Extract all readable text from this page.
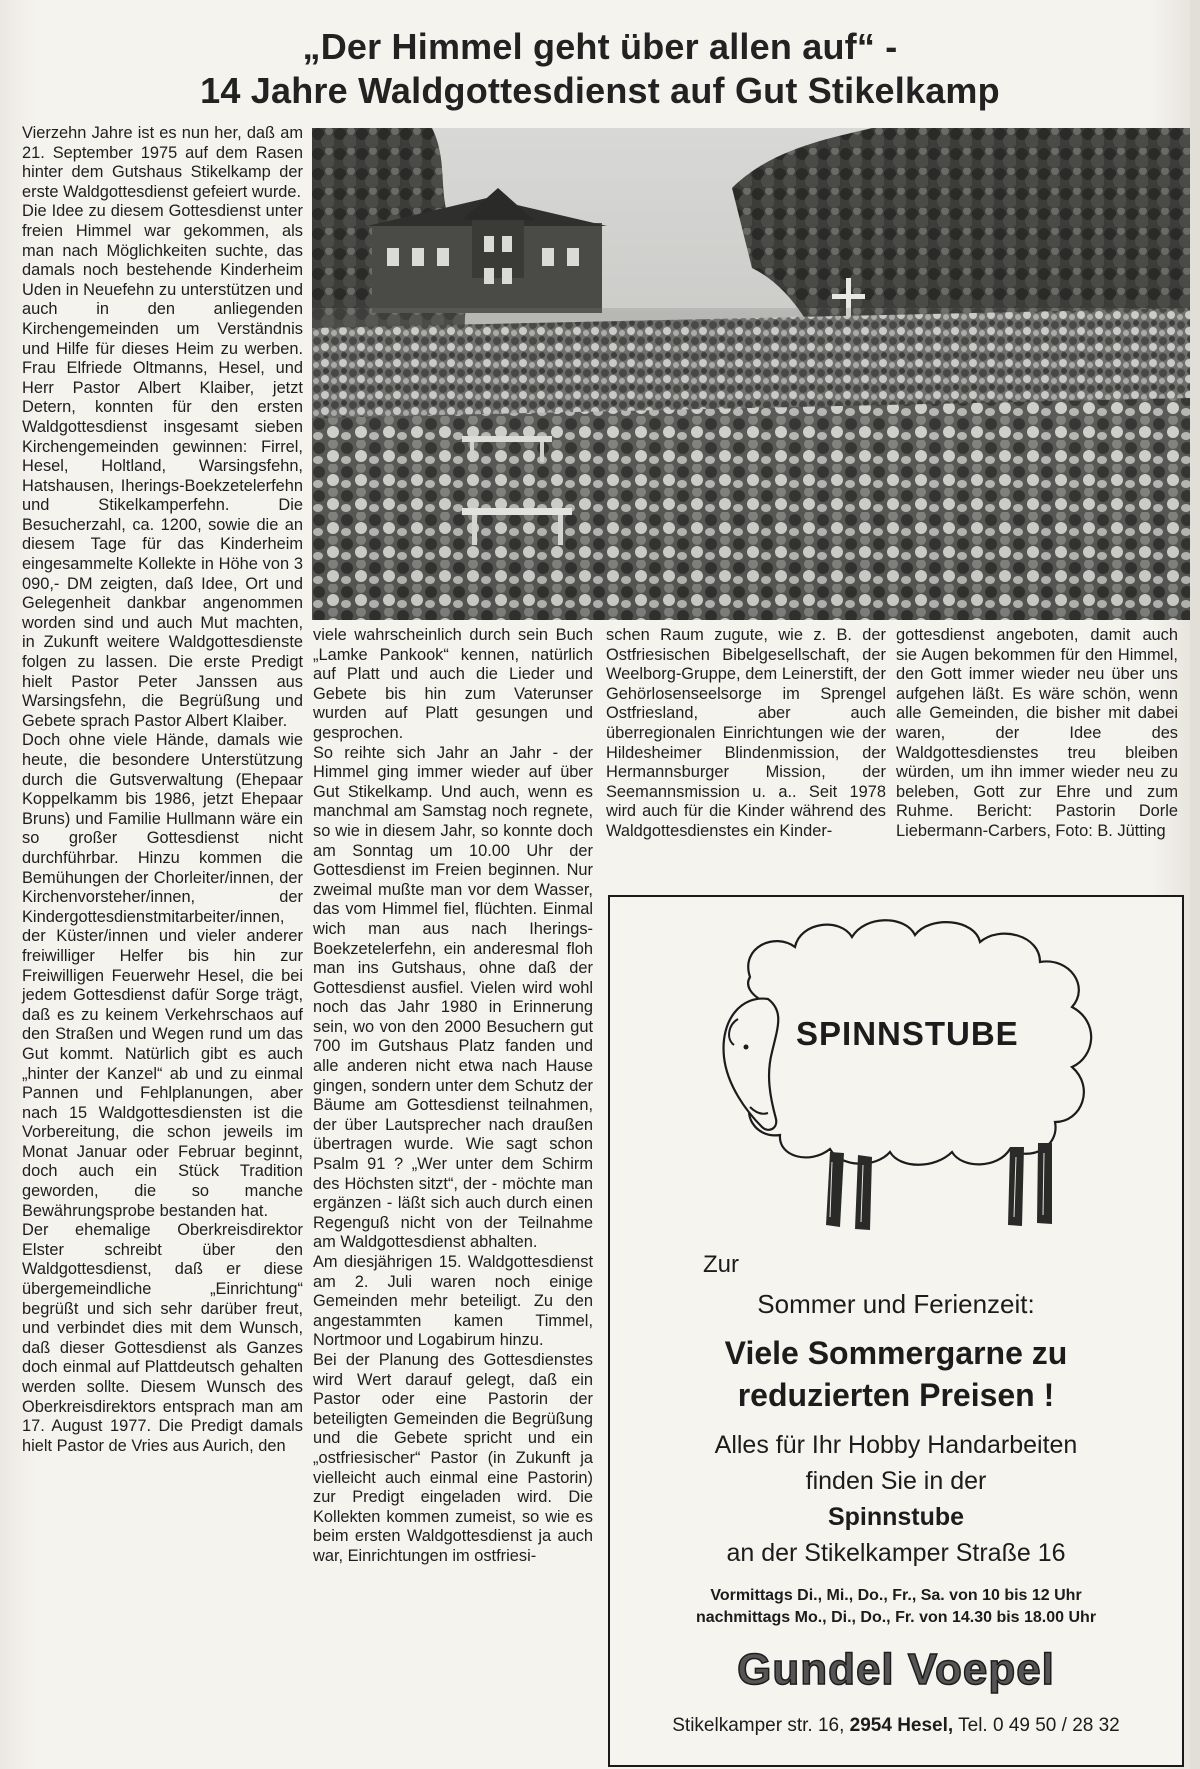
„Der Himmel geht über allen auf“ -
14 Jahre Waldgottesdienst auf Gut Stikelkamp

Vierzehn Jahre ist es nun her, daß am 21. September 1975 auf dem Rasen hinter dem Gutshaus Stikelkamp der erste Waldgottesdienst gefeiert wurde.

Die Idee zu diesem Gottesdienst unter freien Himmel war gekommen, als man nach Möglichkeiten suchte, das damals noch bestehende Kinderheim Uden in Neuefehn zu unterstützen und auch in den anliegenden Kirchengemeinden um Verständnis und Hilfe für dieses Heim zu werben. Frau Elfriede Oltmanns, Hesel, und Herr Pastor Albert Klaiber, jetzt Detern, konnten für den ersten Waldgottesdienst insgesamt sieben Kirchengemeinden gewinnen: Firrel, Hesel, Holtland, Warsingsfehn, Hatshausen, Iherings-Boekzetelerfehn und Stikelkamperfehn. Die Besucherzahl, ca. 1200, sowie die an diesem Tage für das Kinderheim eingesammelte Kollekte in Höhe von 3 090,- DM zeigten, daß Idee, Ort und Gelegenheit dankbar angenommen worden sind und auch Mut machten, in Zukunft weitere Waldgottesdienste folgen zu lassen. Die erste Predigt hielt Pastor Peter Janssen aus Warsingsfehn, die Begrüßung und Gebete sprach Pastor Albert Klaiber.

Doch ohne viele Hände, damals wie heute, die besondere Unterstützung durch die Gutsverwaltung (Ehepaar Koppelkamm bis 1986, jetzt Ehepaar Bruns) und Familie Hullmann wäre ein so großer Gottesdienst nicht durchführbar. Hinzu kommen die Bemühungen der Chorleiter/innen, der Kirchenvorsteher/innen, der Kindergottesdienstmitarbeiter/innen, der Küster/innen und vieler anderer freiwilliger Helfer bis hin zur Freiwilligen Feuerwehr Hesel, die bei jedem Gottesdienst dafür Sorge trägt, daß es zu keinem Verkehrschaos auf den Straßen und Wegen rund um das Gut kommt. Natürlich gibt es auch „hinter der Kanzel“ ab und zu einmal Pannen und Fehlplanungen, aber nach 15 Waldgottesdiensten ist die Vorbereitung, die schon jeweils im Monat Januar oder Februar beginnt, doch auch ein Stück Tradition geworden, die so manche Bewährungsprobe bestanden hat.

Der ehemalige Oberkreisdirektor Elster schreibt über den Waldgottesdienst, daß er diese übergemeindliche „Einrichtung“ begrüßt und sich sehr darüber freut, und verbindet dies mit dem Wunsch, daß dieser Gottesdienst als Ganzes doch einmal auf Plattdeutsch gehalten werden sollte. Diesem Wunsch des Oberkreisdirektors entsprach man am 17. August 1977. Die Predigt damals hielt Pastor de Vries aus Aurich, den

viele wahrscheinlich durch sein Buch „Lamke Pankook“ kennen, natürlich auf Platt und auch die Lieder und Gebete bis hin zum Vaterunser wurden auf Platt gesungen und gesprochen.

So reihte sich Jahr an Jahr - der Himmel ging immer wieder auf über Gut Stikelkamp. Und auch, wenn es manchmal am Samstag noch regnete, so wie in diesem Jahr, so konnte doch am Sonntag um 10.00 Uhr der Gottesdienst im Freien beginnen. Nur zweimal mußte man vor dem Wasser, das vom Himmel fiel, flüchten. Einmal wich man aus nach Iherings-Boekzetelerfehn, ein anderesmal floh man ins Gutshaus, ohne daß der Gottesdienst ausfiel. Vielen wird wohl noch das Jahr 1980 in Erinnerung sein, wo von den 2000 Besuchern gut 700 im Gutshaus Platz fanden und alle anderen nicht etwa nach Hause gingen, sondern unter dem Schutz der Bäume am Gottesdienst teilnahmen, der über Lautsprecher nach draußen übertragen wurde. Wie sagt schon Psalm 91 ? „Wer unter dem Schirm des Höchsten sitzt“, der - möchte man ergänzen - läßt sich auch durch einen Regenguß nicht von der Teilnahme am Waldgottesdienst abhalten.

Am diesjährigen 15. Waldgottesdienst am 2. Juli waren noch einige Gemeinden mehr beteiligt. Zu den angestammten kamen Timmel, Nortmoor und Logabirum hinzu.

Bei der Planung des Gottesdienstes wird Wert darauf gelegt, daß ein Pastor oder eine Pastorin der beteiligten Gemeinden die Begrüßung und die Gebete spricht und ein „ostfriesischer“ Pastor (in Zukunft ja vielleicht auch einmal eine Pastorin) zur Predigt eingeladen wird. Die Kollekten kommen zumeist, so wie es beim ersten Waldgottesdienst ja auch war, Einrichtungen im ostfriesi-

schen Raum zugute, wie z. B. der Ostfriesischen Bibelgesellschaft, der Weelborg-Gruppe, dem Leinerstift, der Gehörlosenseelsorge im Sprengel Ostfriesland, aber auch überregionalen Einrichtungen wie der Hildesheimer Blindenmission, der Hermannsburger Mission, der Seemannsmission u. a.. Seit 1978 wird auch für die Kinder während des Waldgottesdienstes ein Kinder-

gottesdienst angeboten, damit auch sie Augen bekommen für den Himmel, den Gott immer wieder neu über uns aufgehen läßt. Es wäre schön, wenn alle Gemeinden, die bisher mit dabei waren, der Idee des Waldgottesdienstes treu bleiben würden, um ihn immer wieder neu zu beleben, Gott zur Ehre und zum Ruhme. Bericht: Pastorin Dorle Liebermann-Carbers, Foto: B. Jütting

SPINNSTUBE
Zur
Sommer und Ferienzeit:
Viele Sommergarne zu
reduzierten Preisen !
Alles für Ihr Hobby Handarbeiten
finden Sie in der
Spinnstube
an der Stikelkamper Straße 16
Vormittags Di., Mi., Do., Fr., Sa. von 10 bis 12 Uhr
nachmittags Mo., Di., Do., Fr. von 14.30 bis 18.00 Uhr
Gundel Voepel
Stikelkamper str. 16, 2954 Hesel, Tel. 0 49 50 / 28 32
